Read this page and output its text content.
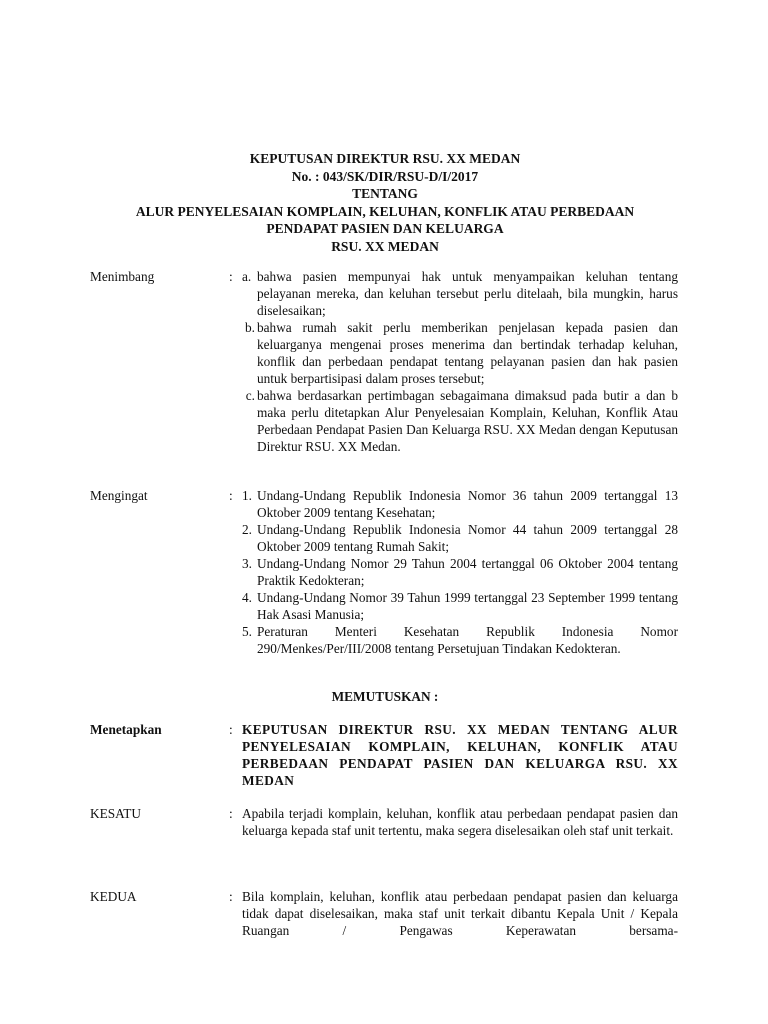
KEPUTUSAN DIREKTUR RSU. XX MEDAN
No. : 043/SK/DIR/RSU-D/I/2017
TENTANG
ALUR PENYELESAIAN KOMPLAIN, KELUHAN, KONFLIK ATAU PERBEDAAN
PENDAPAT PASIEN DAN KELUARGA
RSU. XX MEDAN
Menimbang	: a. bahwa pasien mempunyai hak untuk menyampaikan keluhan tentang pelayanan mereka, dan keluhan tersebut perlu ditelaah, bila mungkin, harus diselesaikan;
b. bahwa rumah sakit perlu memberikan penjelasan kepada pasien dan keluarganya mengenai proses menerima dan bertindak terhadap keluhan, konflik dan perbedaan pendapat tentang pelayanan pasien dan hak pasien untuk berpartisipasi dalam proses tersebut;
c. bahwa berdasarkan pertimbagan sebagaimana dimaksud pada butir a dan b maka perlu ditetapkan Alur Penyelesaian Komplain, Keluhan, Konflik Atau Perbedaan Pendapat Pasien Dan Keluarga RSU. XX Medan dengan Keputusan Direktur RSU. XX Medan.
Mengingat	: 1. Undang-Undang Republik Indonesia Nomor 36 tahun 2009 tertanggal 13 Oktober 2009 tentang Kesehatan;
2. Undang-Undang Republik Indonesia Nomor 44 tahun 2009 tertanggal 28 Oktober 2009 tentang Rumah Sakit;
3. Undang-Undang Nomor 29 Tahun 2004 tertanggal 06 Oktober 2004 tentang Praktik Kedokteran;
4. Undang-Undang Nomor 39 Tahun 1999 tertanggal 23 September 1999 tentang Hak Asasi Manusia;
5. Peraturan Menteri Kesehatan Republik Indonesia Nomor 290/Menkes/Per/III/2008 tentang Persetujuan Tindakan Kedokteran.
MEMUTUSKAN :
Menetapkan	: KEPUTUSAN DIREKTUR RSU. XX MEDAN TENTANG ALUR PENYELESAIAN KOMPLAIN, KELUHAN, KONFLIK ATAU PERBEDAAN PENDAPAT PASIEN DAN KELUARGA RSU. XX MEDAN
KESATU	: Apabila terjadi komplain, keluhan, konflik atau perbedaan pendapat pasien dan keluarga kepada staf unit tertentu, maka segera diselesaikan oleh staf unit terkait.
KEDUA	: Bila komplain, keluhan, konflik atau perbedaan pendapat pasien dan keluarga tidak dapat diselesaikan, maka staf unit terkait dibantu Kepala Unit / Kepala Ruangan / Pengawas Keperawatan bersama-
